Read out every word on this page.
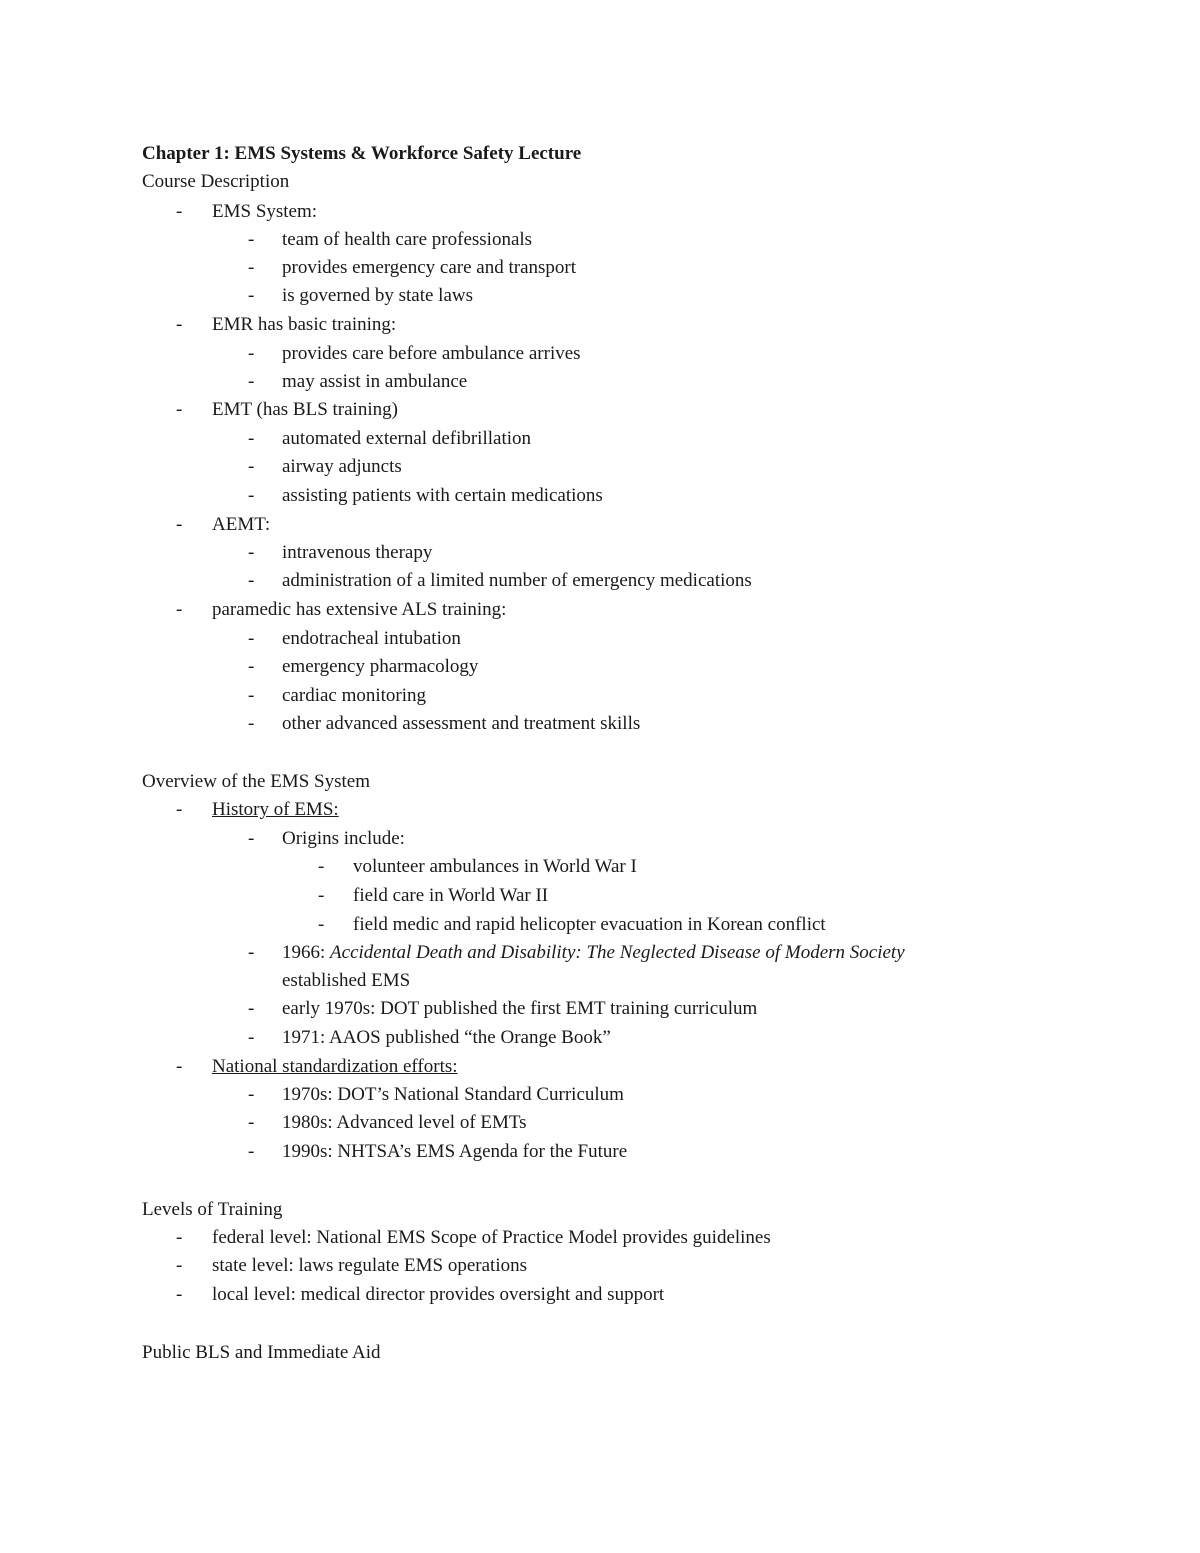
Chapter 1: EMS Systems & Workforce Safety Lecture
Course Description
-	EMS System:
-	team of health care professionals
-	provides emergency care and transport
-	is governed by state laws
-	EMR has basic training:
-	provides care before ambulance arrives
-	may assist in ambulance
-	EMT (has BLS training)
-	automated external defibrillation
-	airway adjuncts
-	assisting patients with certain medications
-	AEMT:
-	intravenous therapy
-	administration of a limited number of emergency medications
-	paramedic has extensive ALS training:
-	endotracheal intubation
-	emergency pharmacology
-	cardiac monitoring
-	other advanced assessment and treatment skills
Overview of the EMS System
-	History of EMS:
-	Origins include:
-	volunteer ambulances in World War I
-	field care in World War II
-	field medic and rapid helicopter evacuation in Korean conflict
-	1966: Accidental Death and Disability: The Neglected Disease of Modern Society
established EMS
-	early 1970s: DOT published the first EMT training curriculum
-	1971: AAOS published “the Orange Book”
-	National standardization efforts:
-	1970s: DOT’s National Standard Curriculum
-	1980s: Advanced level of EMTs
-	1990s: NHTSA’s EMS Agenda for the Future
Levels of Training
-	federal level: National EMS Scope of Practice Model provides guidelines
-	state level: laws regulate EMS operations
-	local level: medical director provides oversight and support
Public BLS and Immediate Aid
